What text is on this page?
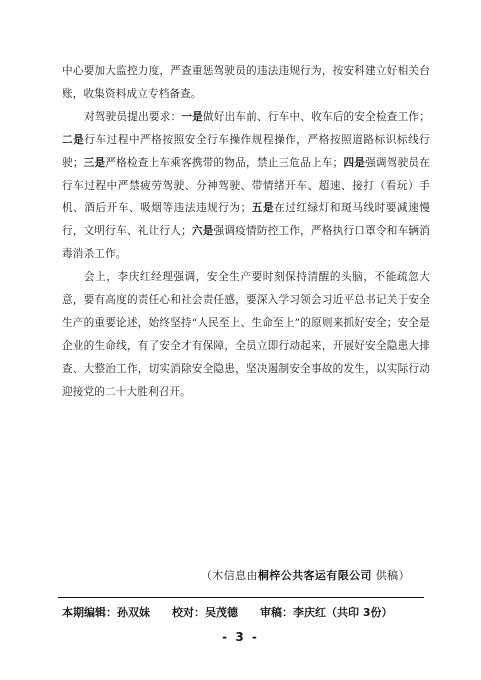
中心要加大监控力度，严查重惩驾驶员的违法违规行为，按安科建立好相关台账，收集资料成立专档备查。

对驾驶员提出要求：一是做好出车前、行车中、收车后的安全检查工作；二是行车过程中严格按照安全行车操作规程操作，严格按照道路标识标线行驶；三是严格检查上车乘客携带的物品，禁止三危品上车；四是强调驾驶员在行车过程中严禁疲劳驾驶、分神驾驶、带情绪开车、超速、接打（看玩）手机、酒后开车、吸烟等违法违规行为；五是在过红绿灯和斑马线时要减速慢行，文明行车、礼让行人；六是强调疫情防控工作，严格执行口罩令和车辆消毒消杀工作。

会上，李庆红经理强调，安全生产要时刻保持清醒的头脑，不能疏忽大意，要有高度的责任心和社会责任感，要深入学习领会习近平总书记关于安全生产的重要论述，始终坚持“人民至上、生命至上”的原则来抓好安全；安全是企业的生命线，有了安全才有保障，全员立即行动起来，开展好安全隐患大排查、大整治工作，切实消除安全隐患，坚决遏制安全事故的发生，以实际行动迎接党的二十大胜利召开。

（木信息由桐梓公共客运有限公司 供稿）
本期编辑：孙双妹 校对：吴茂德 审稿：李庆红（共印 3份）
- 3 -
